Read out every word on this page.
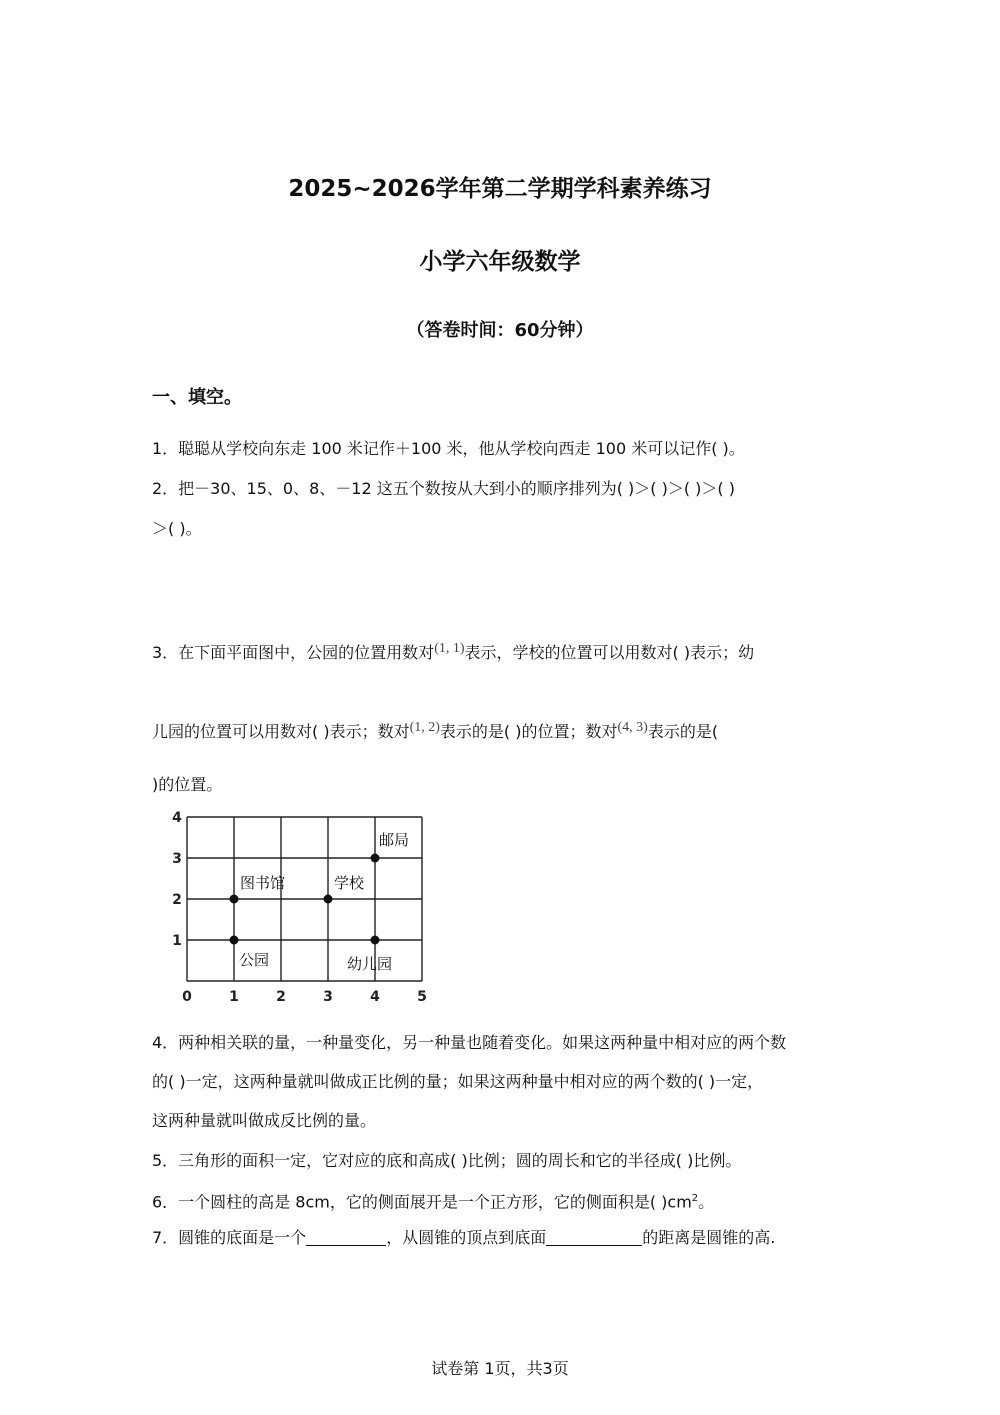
2025~2026学年第二学期学科素养练习
小学六年级数学
（答卷时间：60分钟）
一、填空。
1．聪聪从学校向东走 100 米记作＋100 米，他从学校向西走 100 米可以记作( )。
2．把－30、15、0、8、－12 这五个数按从大到小的顺序排列为( )＞( )＞( )＞( )
＞( )。
3．在下面平面图中，公园的位置用数对(1, 1)表示，学校的位置可以用数对( )表示；幼
儿园的位置可以用数对( )表示；数对(1, 2)表示的是( )的位置；数对(4, 3)表示的是(
)的位置。
0	1	2	3	4	5
1
2
3
4
邮局
图书馆	学校
公园	幼儿园
4．两种相关联的量，一种量变化，另一种量也随着变化。如果这两种量中相对应的两个数
的( )一定，这两种量就叫做成正比例的量；如果这两种量中相对应的两个数的( )一定，
这两种量就叫做成反比例的量。
5．三角形的面积一定，它对应的底和高成( )比例；圆的周长和它的半径成( )比例。
6．一个圆柱的高是 8cm，它的侧面展开是一个正方形，它的侧面积是( )$cm^2$。
7．圆锥的底面是一个	，从圆锥的顶点到底面	的距离是圆锥的高.
试卷第 1页，共3页
